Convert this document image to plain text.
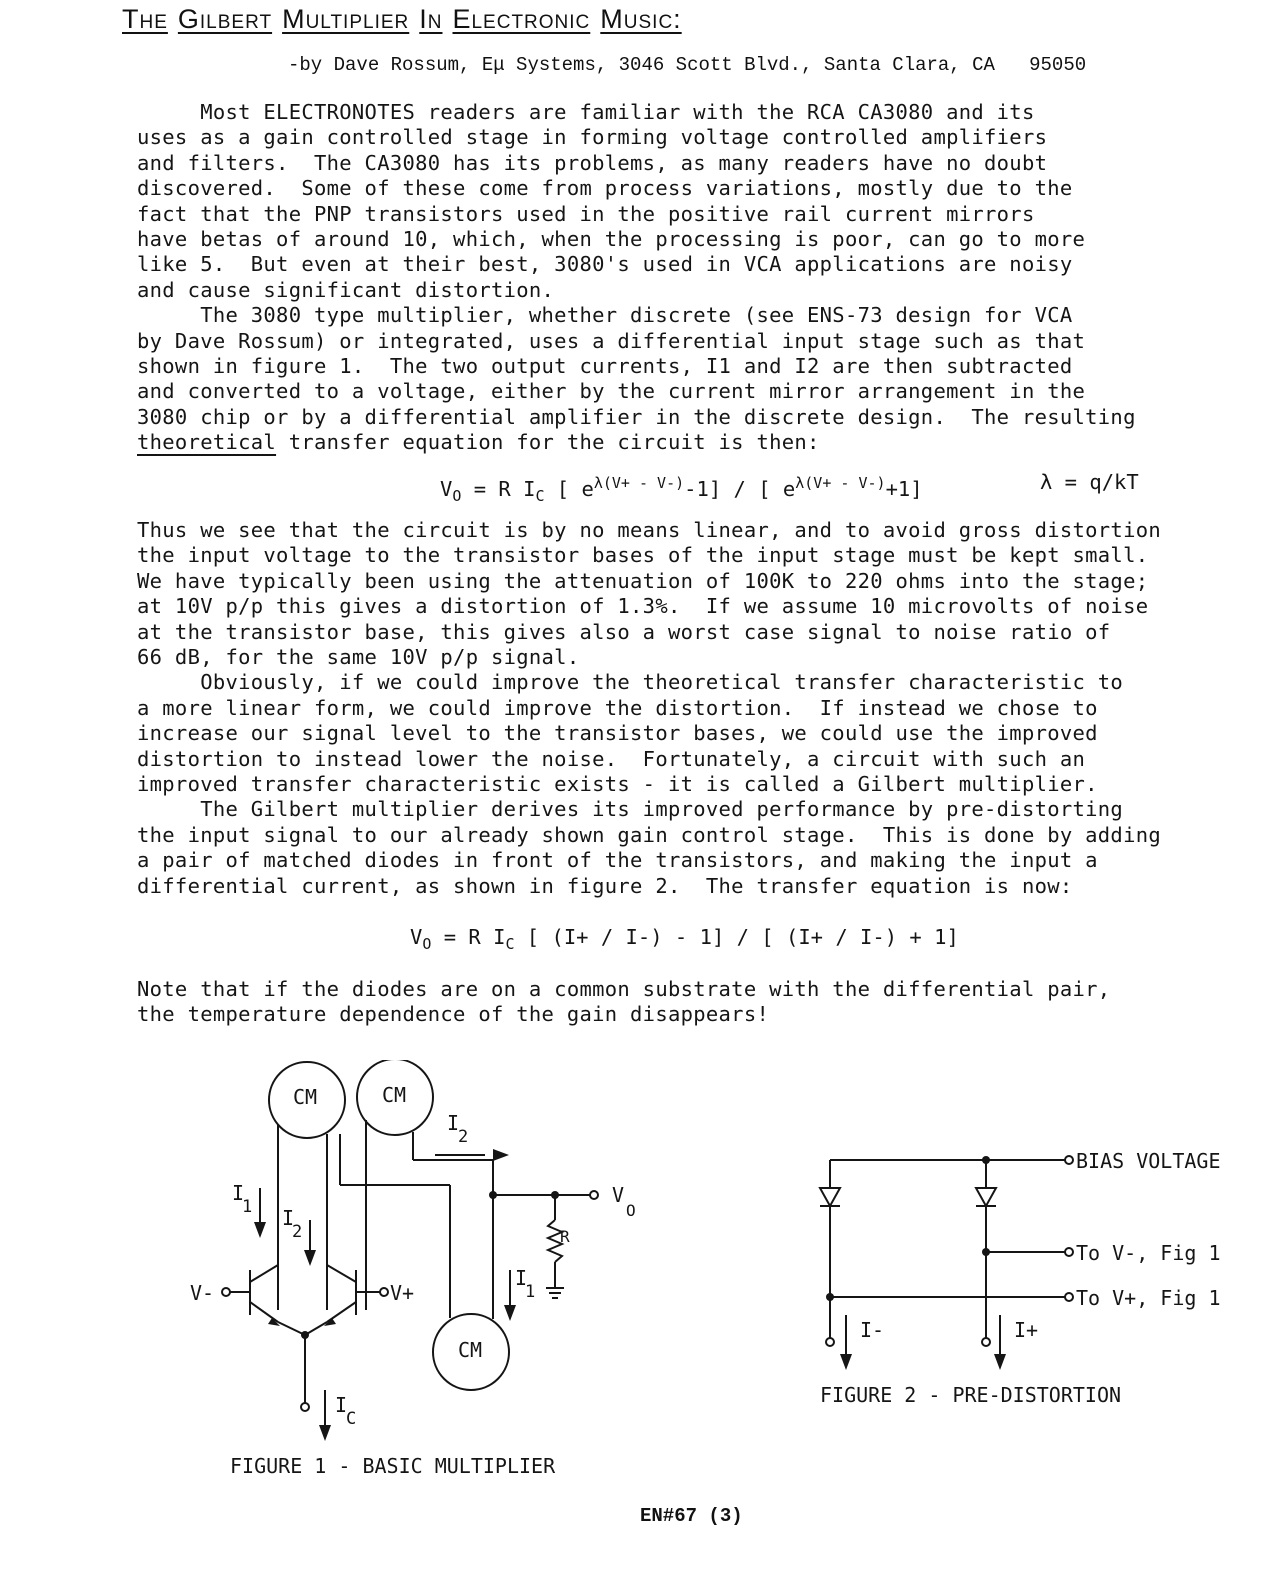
The Gilbert Multiplier In Electronic Music:
-by Dave Rossum, Eμ Systems, 3046 Scott Blvd., Santa Clara, CA   95050
Most ELECTRONOTES readers are familiar with the RCA CA3080 and its
uses as a gain controlled stage in forming voltage controlled amplifiers
and filters.  The CA3080 has its problems, as many readers have no doubt
discovered.  Some of these come from process variations, mostly due to the
fact that the PNP transistors used in the positive rail current mirrors
have betas of around 10, which, when the processing is poor, can go to more
like 5.  But even at their best, 3080's used in VCA applications are noisy
and cause significant distortion.
The 3080 type multiplier, whether discrete (see ENS-73 design for VCA
by Dave Rossum) or integrated, uses a differential input stage such as that
shown in figure 1.  The two output currents, I1 and I2 are then subtracted
and converted to a voltage, either by the current mirror arrangement in the
3080 chip or by a differential amplifier in the discrete design.  The resulting
theoretical transfer equation for the circuit is then:
$V_O = R$ $I_C$ [ $e^{\lambda(V+ - V-)}-1$] / [ $e^{\lambda(V+ - V-)}+1$]	λ = q/kT
Thus we see that the circuit is by no means linear, and to avoid gross distortion
the input voltage to the transistor bases of the input stage must be kept small.
We have typically been using the attenuation of 100K to 220 ohms into the stage;
at 10V p/p this gives a distortion of 1.3%.  If we assume 10 microvolts of noise
at the transistor base, this gives also a worst case signal to noise ratio of
66 dB, for the same 10V p/p signal.
Obviously, if we could improve the theoretical transfer characteristic to
a more linear form, we could improve the distortion.  If instead we chose to
increase our signal level to the transistor bases, we could use the improved
distortion to instead lower the noise.  Fortunately, a circuit with such an
improved transfer characteristic exists - it is called a Gilbert multiplier.
The Gilbert multiplier derives its improved performance by pre-distorting
the input signal to our already shown gain control stage.  This is done by adding
a pair of matched diodes in front of the transistors, and making the input a
differential current, as shown in figure 2.  The transfer equation is now:
$V_O = R$ $I_C$ [ (I+ / I-) - 1] / [ (I+ / I-) + 1]
Note that if the diodes are on a common substrate with the differential pair,
the temperature dependence of the gain disappears!
CM	CM
CM
I
2
I
1 I
2
I
1
I
C
V
O
R
V-	V+
FIGURE 1 - BASIC MULTIPLIER
BIAS VOLTAGE
To V-, Fig 1
To V+, Fig 1
I-	I+
FIGURE 2 - PRE-DISTORTION
EN#67 (3)
